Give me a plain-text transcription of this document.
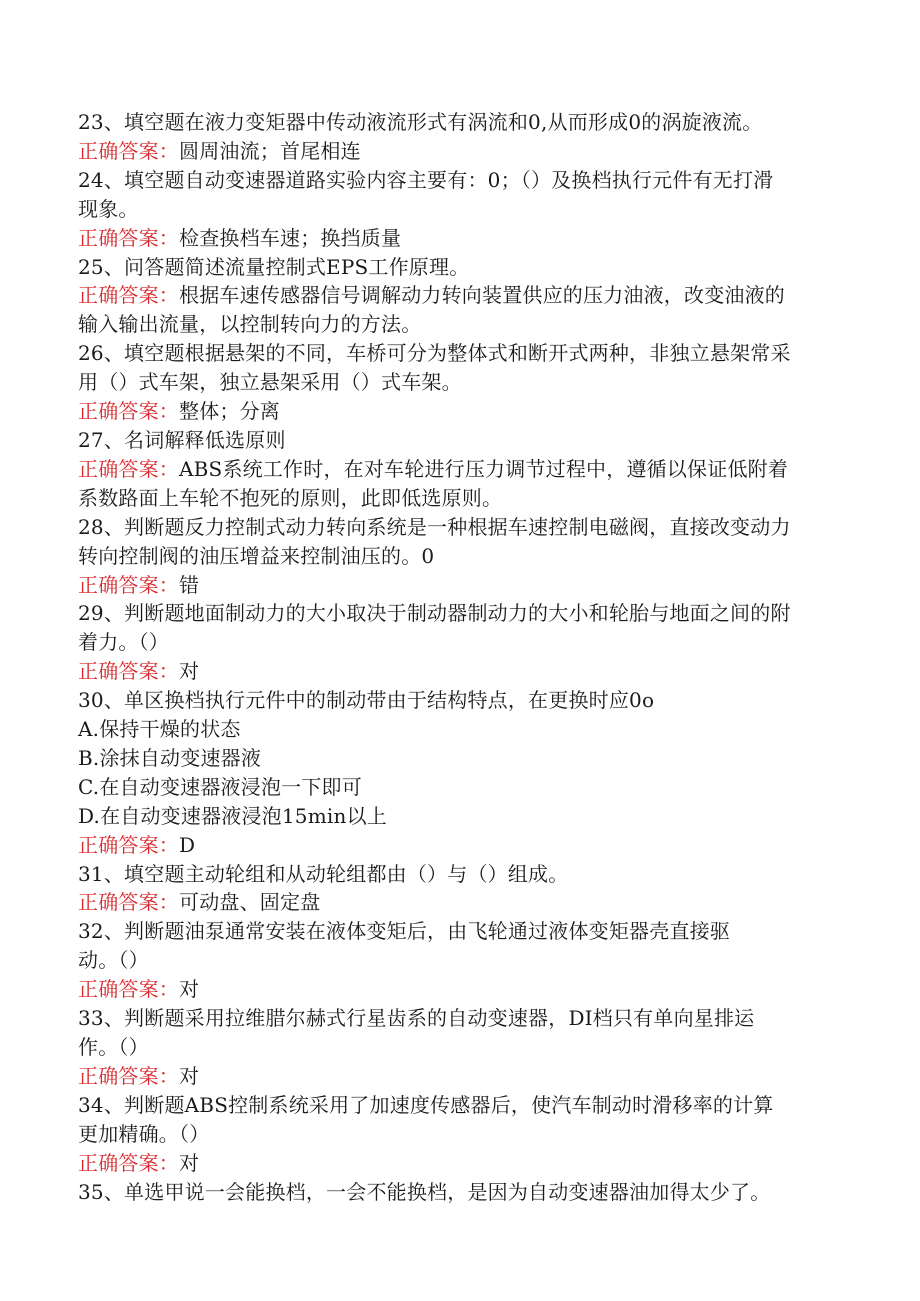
23、填空题在液力变矩器中传动液流形式有涡流和0,从而形成0的涡旋液流。
正确答案：圆周油流；首尾相连
24、填空题自动变速器道路实验内容主要有：0；（）及换档执行元件有无打滑
现象。
正确答案：检查换档车速；换挡质量
25、问答题简述流量控制式EPS工作原理。
正确答案：根据车速传感器信号调解动力转向装置供应的压力油液，改变油液的
输入输出流量，以控制转向力的方法。
26、填空题根据悬架的不同，车桥可分为整体式和断开式两种，非独立悬架常采
用（）式车架，独立悬架采用（）式车架。
正确答案：整体；分离
27、名词解释低选原则
正确答案：ABS系统工作时，在对车轮进行压力调节过程中，遵循以保证低附着
系数路面上车轮不抱死的原则，此即低选原则。
28、判断题反力控制式动力转向系统是一种根据车速控制电磁阀，直接改变动力
转向控制阀的油压增益来控制油压的。0
正确答案：错
29、判断题地面制动力的大小取决于制动器制动力的大小和轮胎与地面之间的附
着力。（）
正确答案：对
30、单区换档执行元件中的制动带由于结构特点，在更换时应0o
A.保持干燥的状态
B.涂抹自动变速器液
C.在自动变速器液浸泡一下即可
D.在自动变速器液浸泡15min以上
正确答案：D
31、填空题主动轮组和从动轮组都由（）与（）组成。
正确答案：可动盘、固定盘
32、判断题油泵通常安装在液体变矩后，由飞轮通过液体变矩器壳直接驱
动。（）
正确答案：对
33、判断题采用拉维腊尔赫式行星齿系的自动变速器，DI档只有单向星排运
作。（）
正确答案：对
34、判断题ABS控制系统采用了加速度传感器后，使汽车制动时滑移率的计算
更加精确。（）
正确答案：对
35、单选甲说一会能换档，一会不能换档，是因为自动变速器油加得太少了。
